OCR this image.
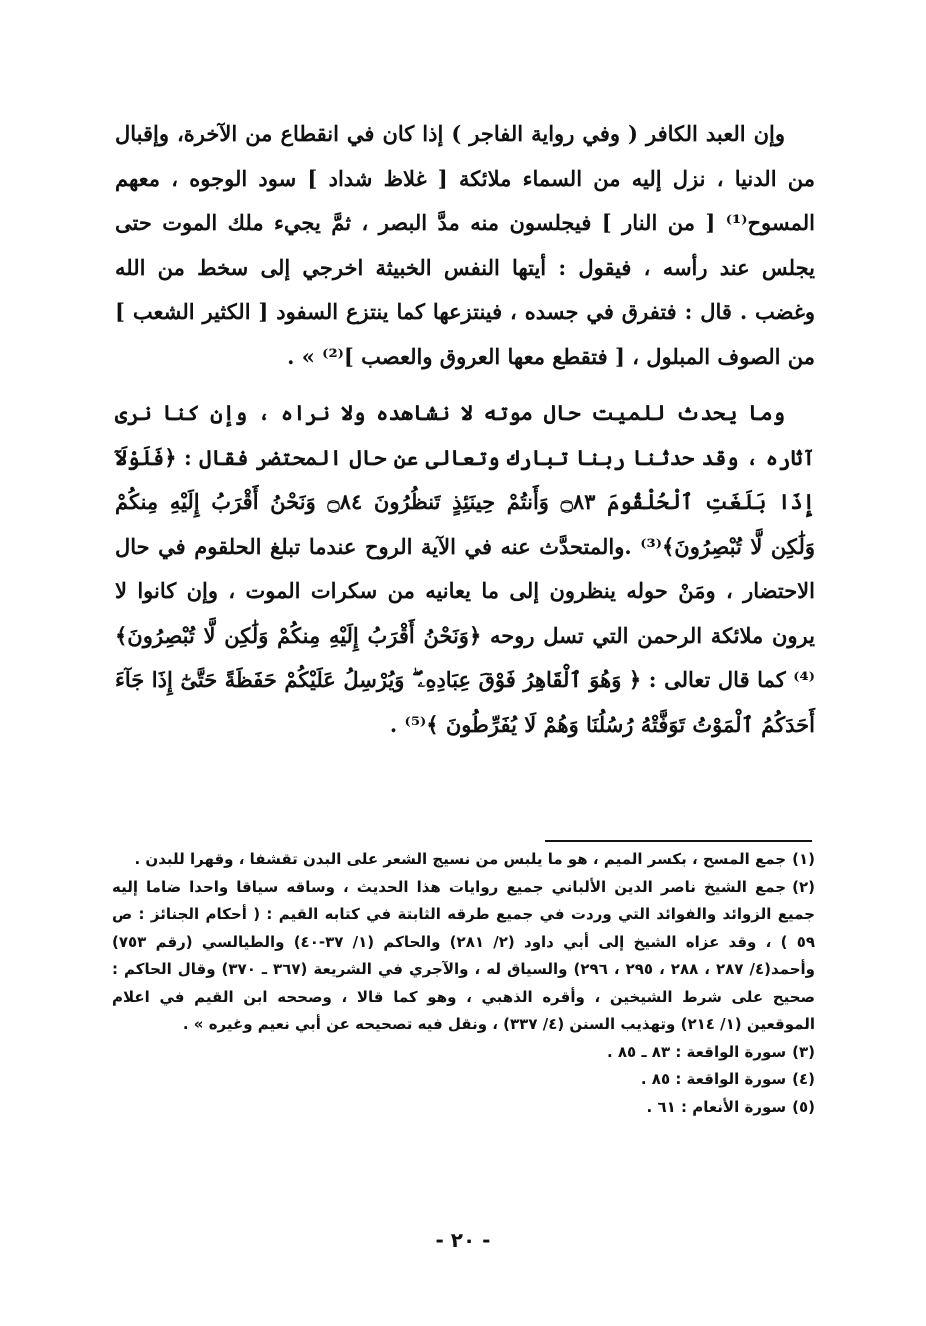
وإن العبد الكافر ( وفي رواية الفاجر ) إذا كان في انقطاع من الآخرة، وإقبال من الدنيا ، نزل إليه من السماء ملائكة [ غلاظ شداد ] سود الوجوه ، معهم المسوح⁽¹⁾ [ من النار ] فيجلسون منه مدَّ البصر ، ثمَّ يجيء ملك الموت حتى يجلس عند رأسه ، فيقول : أيتها النفس الخبيثة اخرجي إلى سخط من الله وغضب . قال : فتفرق في جسده ، فينتزعها كما ينتزع السفود [ الكثير الشعب ] من الصوف المبلول ، [ فتقطع معها العروق والعصب ]⁽²⁾ » .

وما يحدث للميت حال موته لا نشاهده ولا نراه ، وإن كنا نرى آثاره ، وقد حدثنا ربنا تبارك وتعالى عن حال المحتضر فقال : ﴿فَلَوْلَآ إِذَا بَلَغَتِ ٱلْحُلْقُومَ ۝٨٣ وَأَنتُمْ حِينَئِذٍ تَنظُرُونَ ۝٨٤ وَنَحْنُ أَقْرَبُ إِلَيْهِ مِنكُمْ وَلَٰكِن لَّا تُبْصِرُونَ﴾⁽³⁾ .والمتحدَّث عنه في الآية الروح عندما تبلغ الحلقوم في حال الاحتضار ، ومَنْ حوله ينظرون إلى ما يعانيه من سكرات الموت ، وإن كانوا لا يرون ملائكة الرحمن التي تسل روحه ﴿وَنَحْنُ أَقْرَبُ إِلَيْهِ مِنكُمْ وَلَٰكِن لَّا تُبْصِرُونَ﴾⁽⁴⁾ كما قال تعالى : ﴿ وَهُوَ ٱلْقَاهِرُ فَوْقَ عِبَادِهِۦ ۖ وَيُرْسِلُ عَلَيْكُمْ حَفَظَةً حَتَّىٰٓ إِذَا جَآءَ أَحَدَكُمُ ٱلْمَوْتُ تَوَفَّتْهُ رُسُلُنَا وَهُمْ لَا يُفَرِّطُونَ ﴾⁽⁵⁾ .

(١)جمع المسح ، بكسر الميم ، هو ما يلبس من نسيج الشعر على البدن تقشفا ، وقهرا للبدن .

(٢)جمع الشيخ ناصر الدين الألباني جميع روايات هذا الحديث ، وساقه سياقا واحدا ضاما إليه جميع الزوائد والفوائد التي وردت في جميع طرقه الثابتة في كتابه القيم : ( أحكام الجنائز : ص ٥٩ ) ، وقد عزاه الشيخ إلى أبي داود (٢/ ٢٨١) والحاكم (١/ ٣٧-٤٠) والطيالسي (رقم ٧٥٣) وأحمد(٤/ ٢٨٧ ، ٢٨٨ ، ٢٩٥ ، ٢٩٦) والسياق له ، والآجري في الشريعة (٣٦٧ ـ ٣٧٠) وقال الحاكم : صحيح على شرط الشيخين ، وأقره الذهبي ، وهو كما قالا ، وصححه ابن القيم في اعلام الموقعين (١/ ٢١٤) وتهذيب السنن (٤/ ٣٣٧) ، ونقل فيه تصحيحه عن أبي نعيم وغيره » .

(٣)سورة الواقعة : ٨٣ ـ ٨٥ .

(٤)سورة الواقعة : ٨٥ .

(٥)سورة الأنعام : ٦١ .

- ٢٠ -
